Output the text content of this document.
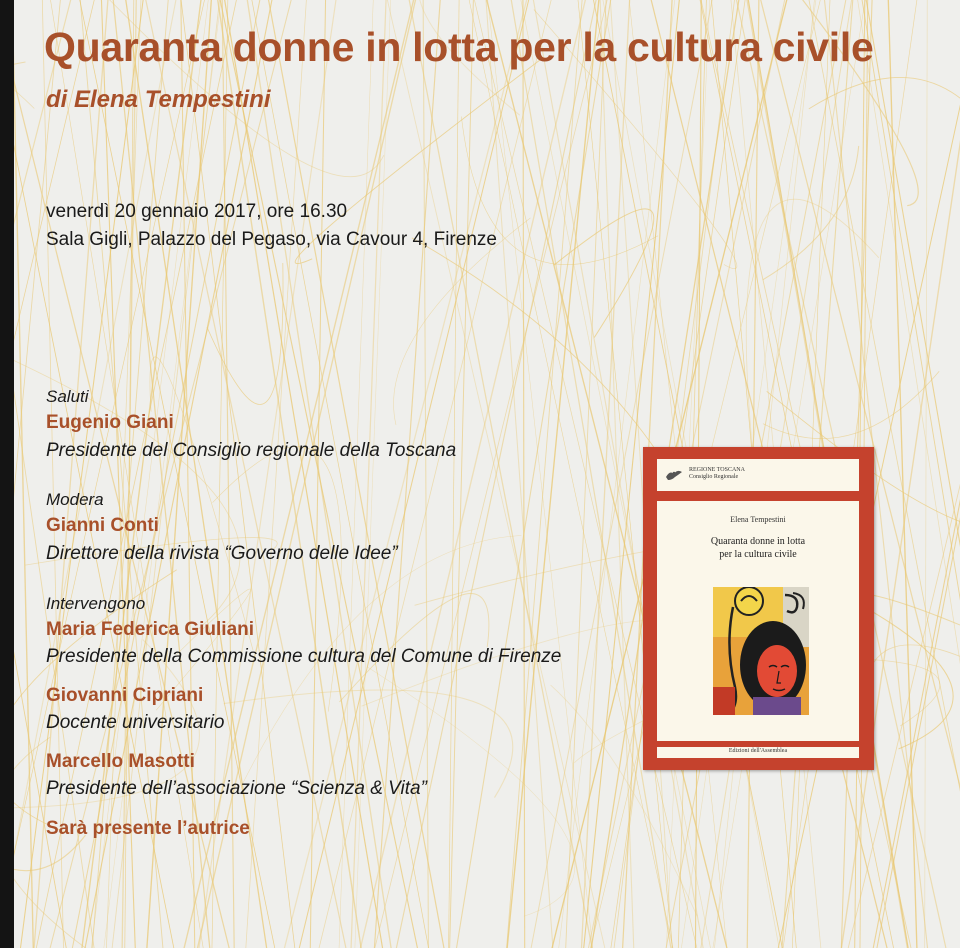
Quaranta donne in lotta per la cultura civile
di Elena Tempestini
venerdì 20 gennaio 2017, ore 16.30
Sala Gigli, Palazzo del Pegaso, via Cavour 4, Firenze
Saluti
Eugenio Giani
Presidente del Consiglio regionale della Toscana
Modera
Gianni Conti
Direttore della rivista “Governo delle Idee”
Intervengono
Maria Federica Giuliani
Presidente della Commissione cultura del Comune di Firenze
Giovanni Cipriani
Docente universitario
Marcello Masotti
Presidente dell’associazione “Scienza & Vita”
Sarà presente l’autrice
REGIONE TOSCANA
Consiglio Regionale
Elena Tempestini
Quaranta donne in lotta
per la cultura civile
Edizioni dell'Assemblea
